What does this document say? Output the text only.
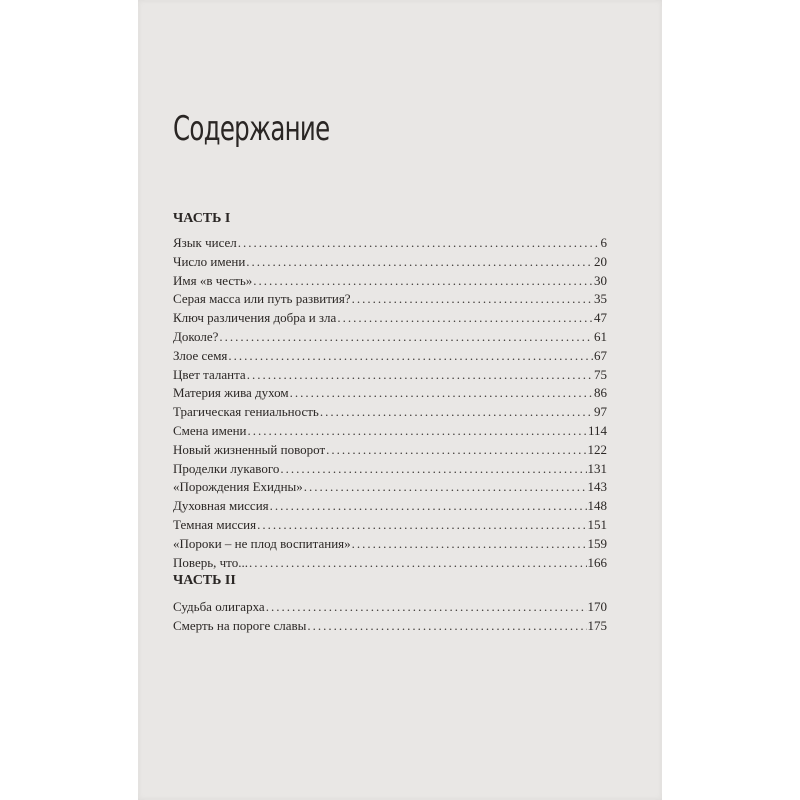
Содержание
ЧАСТЬ I
Язык чисел .....	6
Число имени .....	20
Имя «в честь» .....	30
Серая масса или путь развития? .....	35
Ключ различения добра и зла .....	47
Доколе? .....	61
Злое семя .....	67
Цвет таланта .....	75
Материя жива духом .....	86
Трагическая гениальность .....	97
Смена имени .....	114
Новый жизненный поворот .....	122
Проделки лукавого .....	131
«Порождения Ехидны» .....	143
Духовная миссия .....	148
Темная миссия .....	151
«Пороки – не плод воспитания» .....	159
Поверь, что... .....	166
ЧАСТЬ II
Судьба олигарха .....	170
Смерть на пороге славы .....	175
